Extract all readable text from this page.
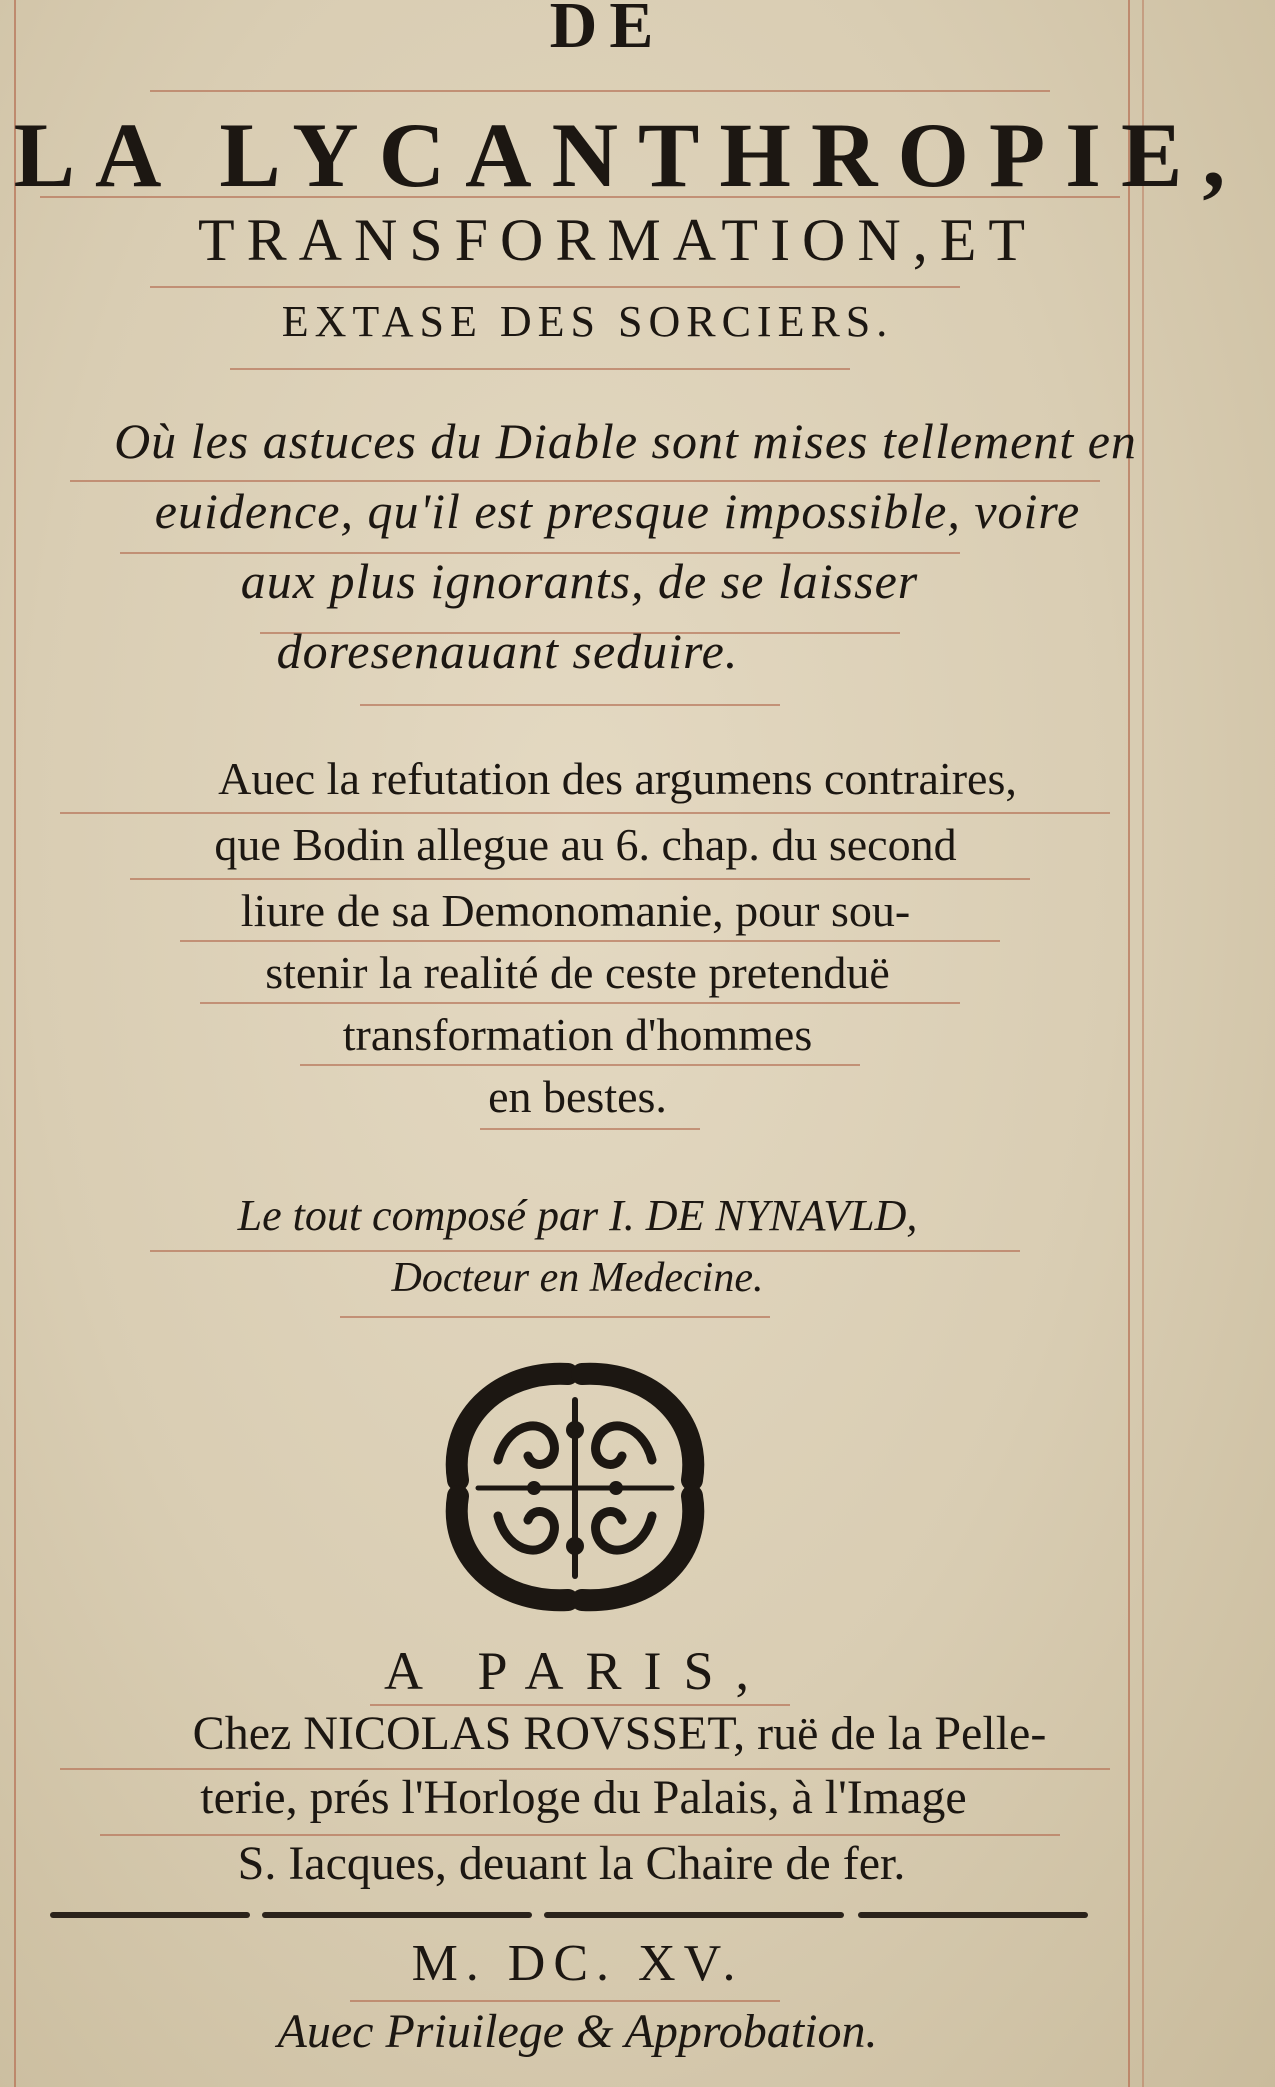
DE
LA LYCANTHROPIE,
TRANSFORMATION,ET
EXTASE DES SORCIERS.
Où les astuces du Diable sont mises tellement en
euidence, qu'il est presque impossible, voire
aux plus ignorants, de se laisser
doresenauant seduire.
Auec la refutation des argumens contraires,
que Bodin allegue au 6. chap. du second
liure de sa Demonomanie, pour sou-
stenir la realité de ceste pretenduë
transformation d'hommes
en bestes.
Le tout composé par I. DE NYNAVLD,
Docteur en Medecine.
A PARIS,
Chez NICOLAS ROVSSET, ruë de la Pelle-
terie, prés l'Horloge du Palais, à l'Image
S. Iacques, deuant la Chaire de fer.
M. DC. XV.
Auec Priuilege & Approbation.
